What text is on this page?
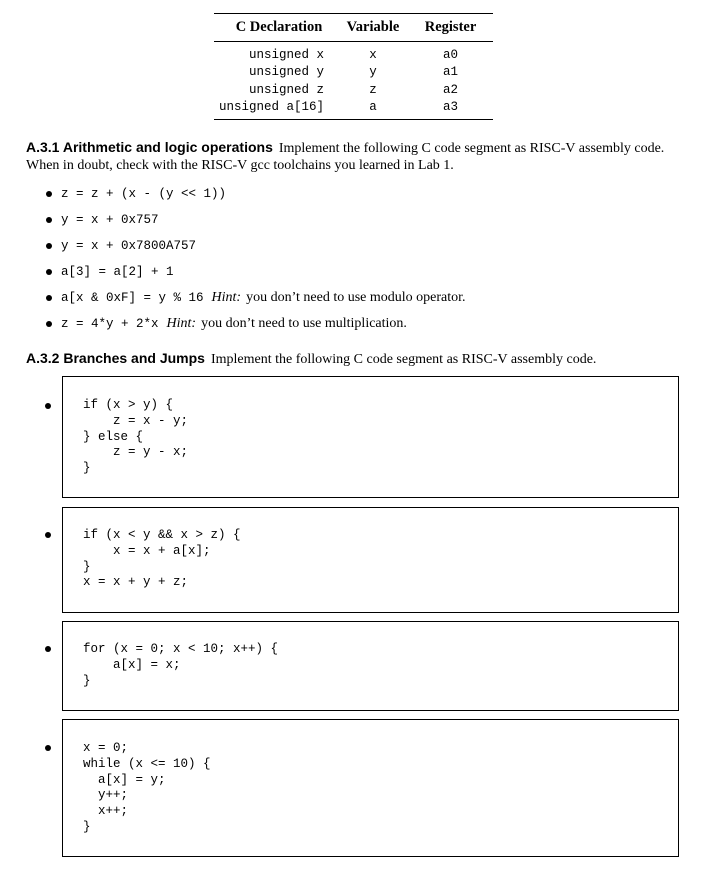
C Declaration	Variable	Register
unsigned x	x	a0
unsigned y	y	a1
unsigned z	z	a2
unsigned a[16]	a	a3
A.3.1 Arithmetic and logic operations Implement the following C code segment as RISC-V assembly code. When in doubt, check with the RISC-V gcc toolchains you learned in Lab 1.
z = z + (x - (y << 1))
y = x + 0x757
y = x + 0x7800A757
a[3] = a[2] + 1
a[x & 0xF] = y % 16 Hint: you don’t need to use modulo operator.
z = 4*y + 2*x Hint: you don’t need to use multiplication.
A.3.2 Branches and Jumps Implement the following C code segment as RISC-V assembly code.
if (x > y) {
z = x - y;
} else {
z = y - x;
}
if (x < y && x > z) {
x = x + a[x];
}
x = x + y + z;
for (x = 0; x < 10; x++) {
a[x] = x;
}
x = 0;
while (x <= 10) {
a[x] = y;
y++;
x++;
}
